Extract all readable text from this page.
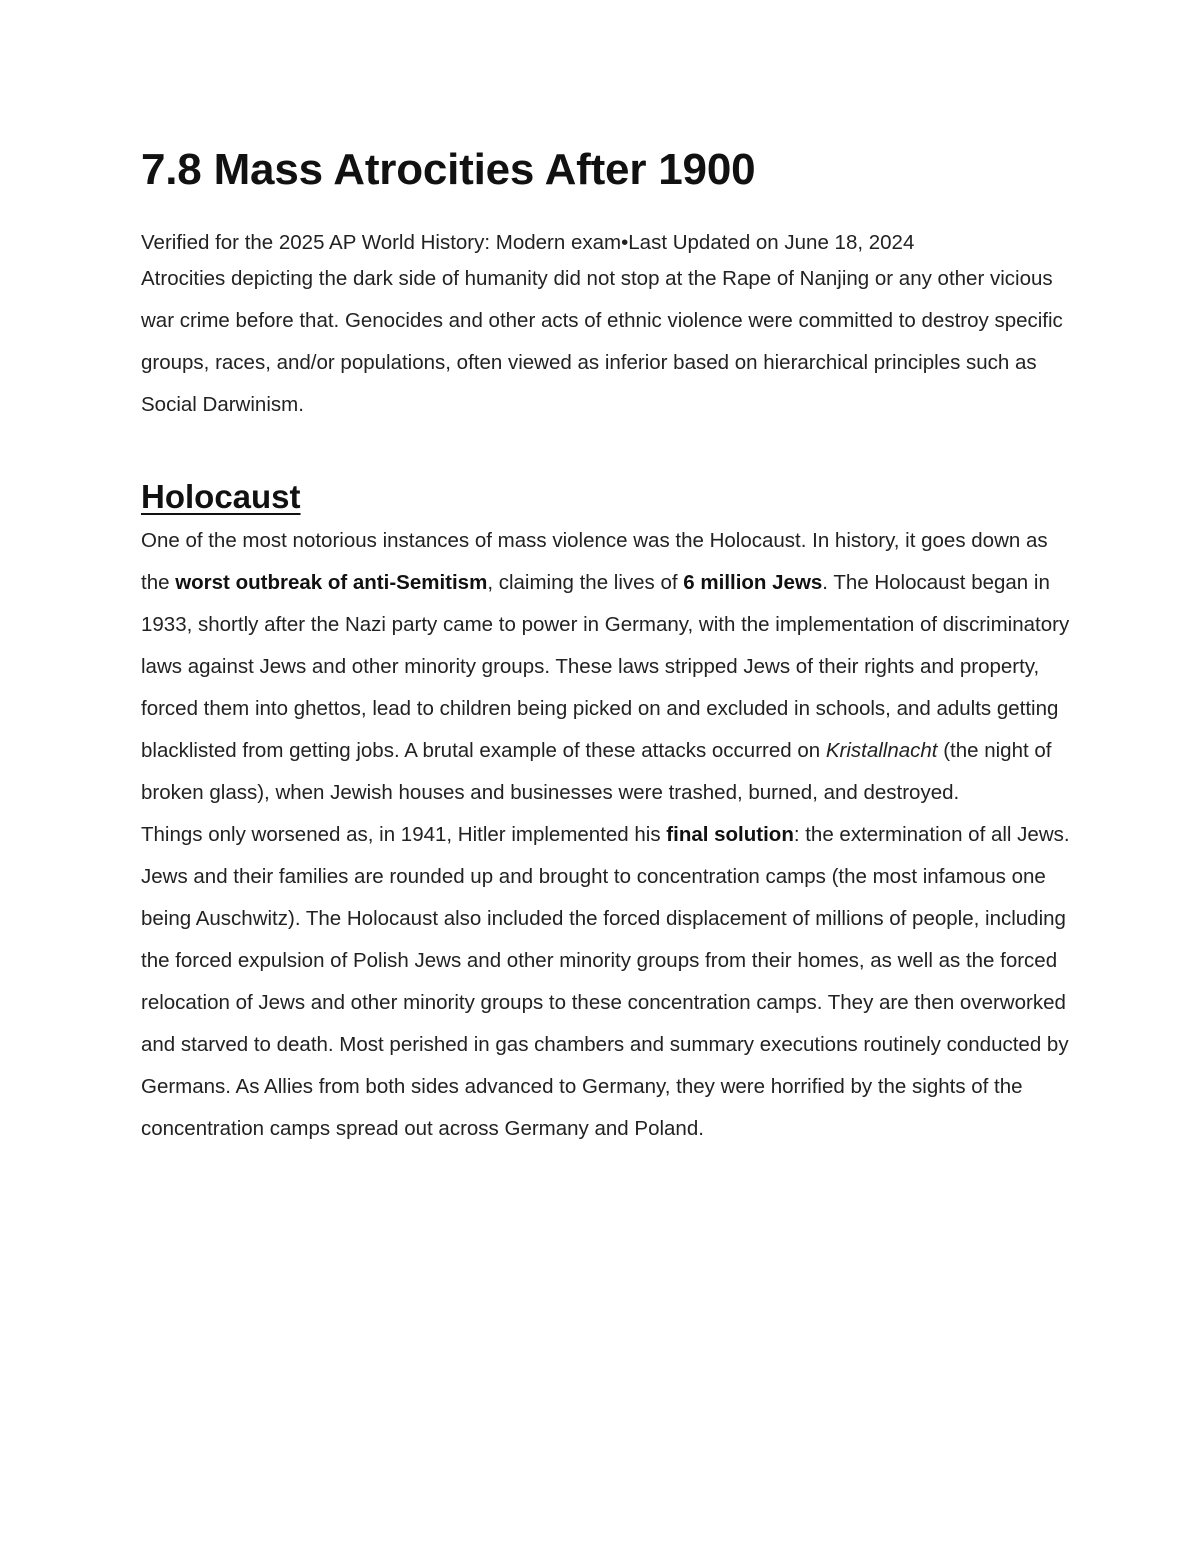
7.8 Mass Atrocities After 1900
Verified for the 2025 AP World History: Modern exam•Last Updated on June 18, 2024

Atrocities depicting the dark side of humanity did not stop at the Rape of Nanjing or any other vicious war crime before that. Genocides and other acts of ethnic violence were committed to destroy specific groups, races, and/or populations, often viewed as inferior based on hierarchical principles such as Social Darwinism.

Holocaust

One of the most notorious instances of mass violence was the Holocaust. In history, it goes down as the worst outbreak of anti-Semitism, claiming the lives of 6 million Jews. The Holocaust began in 1933, shortly after the Nazi party came to power in Germany, with the implementation of discriminatory laws against Jews and other minority groups. These laws stripped Jews of their rights and property, forced them into ghettos, lead to children being picked on and excluded in schools, and adults getting blacklisted from getting jobs. A brutal example of these attacks occurred on Kristallnacht (the night of broken glass), when Jewish houses and businesses were trashed, burned, and destroyed.

Things only worsened as, in 1941, Hitler implemented his final solution: the extermination of all Jews. Jews and their families are rounded up and brought to concentration camps (the most infamous one being Auschwitz). The Holocaust also included the forced displacement of millions of people, including the forced expulsion of Polish Jews and other minority groups from their homes, as well as the forced relocation of Jews and other minority groups to these concentration camps. They are then overworked and starved to death. Most perished in gas chambers and summary executions routinely conducted by Germans. As Allies from both sides advanced to Germany, they were horrified by the sights of the concentration camps spread out across Germany and Poland.
